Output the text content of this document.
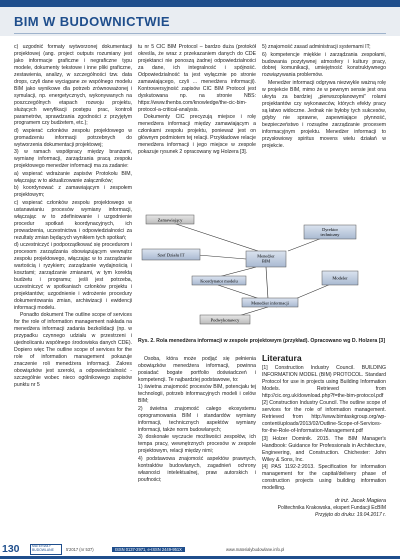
BIM W BUDOWNICTWIE

c) uzgodnić formaty wytworzonej dokumentacji projektowej (ang. project outputs rozumiany jest jako informacje graficzne i negraficzne typu modele, dokumenty tekstowe i inne pliki graficzne, zestawienia, analizy, w szczególności tzw. data drops, czyli dane wyciągane ze wspólnego modelu BIM jako wynikowe dla potrzeb zrównoważonej i symulacji, np. energetycznych, wykonywanych na poszczególnych etapach rozwoju projektu, służących weryfikacji postępu prac, kontroli parametrów, sprawdzania zgodności z przyjętym programem czy budżetem, etc.);

d) wspierać członków zespołu projektowego w gromadzeniu informacji potrzebnych do wytworzenia dokumentacji projektowej;

3) w ramach współpracy między branżami, wymianę informacji, zarządzania pracą zespołu projektowego menedżer informacji ma za zadanie:

a) wspierać wdrażanie zapisów Protokołu BIM, włączając w to aktualizowanie załączników;

b) koordynować z zamawiającym i zespołem projektowym;

c) wspierać członków zespołu projektowego w ustanawianiu procesów wymiany informacji, włączając w to zdefiniowanie i uzgodnienie procedur spotkań koordynacyjnych, ich prowadzenia, uczestnictwa i odpowiedzialności za rezultaty zmian będących wynikiem tych spotkań;

d) uczestniczyć i podporządkować się procedurom i procesom zarządzania obowiązującym wewnątrz zespołu projektowego, włączając w to zarządzanie wartością i ryzykiem; zarządzanie wydajnością i kosztami; zarządzanie zmianami, w tym korektą budżetu i programu; jeśli jest potrzeba, uczestniczyć w spotkaniach członków projektu i projektantów; uzgodnienie i wdrożenie procedury dokumentowania zmian, archiwizacji i ewidencji informacji modelu.

Ponadto dokument The outline scope of services for the role of information management nakłada na menedżera informacji zadania bezkolidacji (np. w przypadku czynnego udziału w przestrzeni i ujednolicaniu wspólnego środowiska danych CDE). Dopiero więc The outline scope of services for the role of information management pokazuje znaczenie roli menedżera informacji. Zakres obowiązków jest szeroki, a odpowiedzialność - szczególnie wobec nieco ogólnikowego zapisów punktu nr 5

tu nr 5 CIC BIM Protocol – bardzo duża (protokół określa, że wraz z przekazaniem danych do CDE projektanci nie ponoszą żadnej odpowiedzialności za dane, ich integralność i spójność. Odpowiedzialność ta jest wyłącznie po stronie zamawiającego, czyli ... menedżera informacji). Kontrowersyjność zapisów CIC BIM Protocol jest dyskutowana np. na stronie NBS: https://www.thenbs.com/knowledge/the-cic-bim-protocol-a-critical-analysis.

Dokumenty CIC precyzują miejsce i rolę menedżera informacji między zamawiającym a członkami zespołu projektu, ponieważ jest on głównym podmiotem tej relacji. Przykładowe relacje menedżera informacji i jego miejsce w zespole pokazuje rysunek 2 opracowany wg Holzera [3].

5) znajomość zasad administracji systemami IT;

6) kompetencje miękkie i zarządzania zespołami, budowania pozytywnej atmosfery i kultury pracy, dobrej komunikacji, umiejętność konstruktywnego rozwiązywania problemów.

Menedżer informacji odgrywa niezwykle ważną rolę w projekcie BIM, mimo że w pewnym sensie jest ona ukryta za bardziej „pierwszoplanowymi” rolami projektantów czy wykonawców, których efekty pracy są łatwo widoczne. Jednak nie byłoby tych sukcesów, gdyby nie sprawne, zapewniające płynność, bezpieczeństwo i rozsądne zarządzanie procesem informacyjnym projektu. Menedżer informacji to przysłowiowy spiritus movens wielu działań w projekcie.

Zamawiający
Dyrektor techniczny
Szef Działu IT	Menedżer BIM
Koordynator modelu
Menedżer informacji
Modeler
Podwykonawcy
Rys. 2. Rola menedżera informacji w zespole projektowym (przykład). Opracowano wg D. Holzera [3]

Osoba, która może podjąć się pełnienia obowiązków menedżera informacji, powinna posiadać bogate portfolio doświadczeń i kompetencji. Te najbardziej podstawowe, to:

1) świetna znajomość procesów BIM, potencjału tej technologii, potrzeb informacyjnych modeli i celów BIM;

2) świetna znajomość całego ekosystemu oprogramowania BIM i standardów wymiany informacji, technicznych aspektów wymiany informacji, także norm budowlanych;

3) doskonałe wyczucie możliwości zespołów, ich tempa pracy, wewnętrznych procesów w zespole projektowym, relacji między nimi;

4) podstawowa znajomość aspektów prawnych, kontraktów budowlanych, zagadnień ochrony własności intelektualnej, praw autorskich i poufności;

Literatura

[1] Construction Industry Council. BUILDING INFORMATION MODEL (BIM) PROTOCOL. Standard Protocol for use in projects using Building Information Models. Retrieved from http://cic.org.uk/download.php?f=the-bim-protocol.pdf

[2] Construction Industry Council. The outline scope of services for the role of information management. Retrieved from http://www.bimtaskgroup.org/wp-content/uploads/2013/02/Outline-Scope-of-Services-for-the-Role-of-Information-Management.pdf

[3] Holzer Dominik. 2015. The BIM Manager's Handbook: Guidance for Professionals in Architecture, Engineering, and Construction. Chichester: John Wiley & Sons, Inc.

[4] PAS 1192-2:2013. Specification for information management for the capital/delivery phase of construction projects using building information modelling.

dr inż. Jacek Magiera
Politechnika Krakowska, ekspert Fundacji EcBIM
Przyjęto do druku: 19.04.2017 r.
130	MATERIAŁY BUDOWLANE	5'2017 (nr 537)	ISSN 0137-2971, e-ISSN 2449-951X	www.materialybudowlane.info.pl
